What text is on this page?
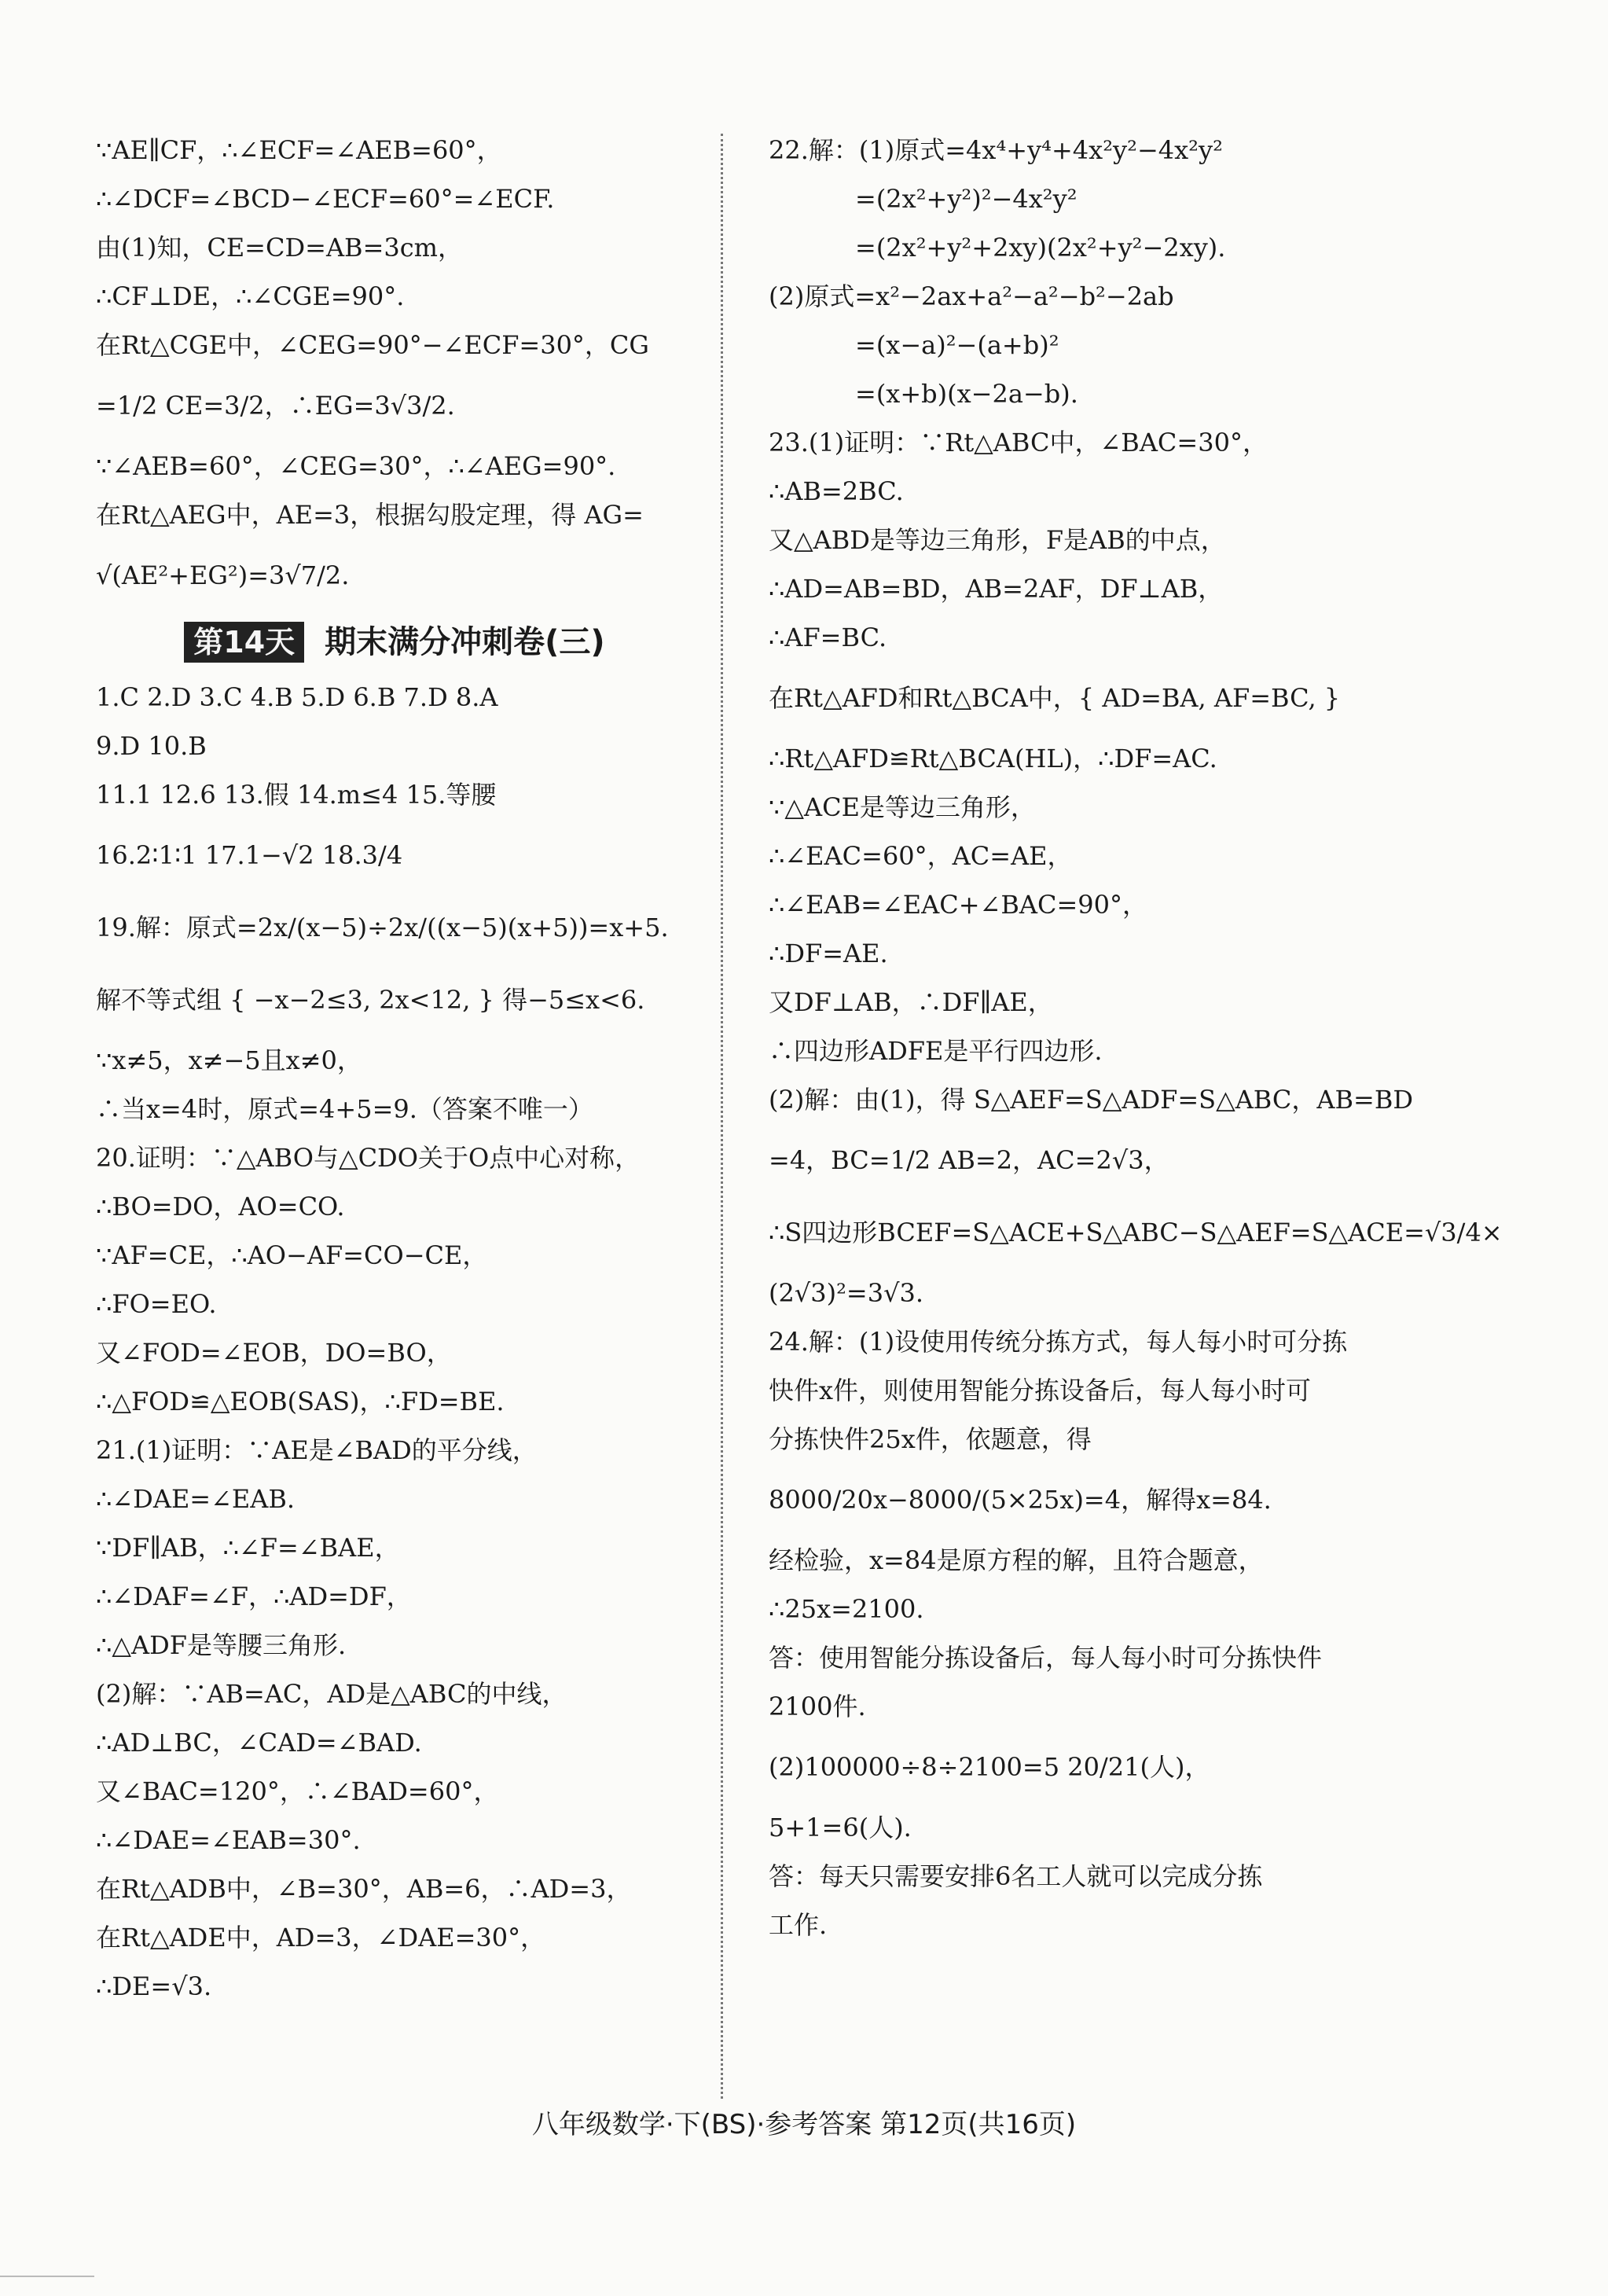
∵AE∥CF，∴∠ECF=∠AEB=60°，
∴∠DCF=∠BCD−∠ECF=60°=∠ECF.
由(1)知，CE=CD=AB=3cm，
∴CF⊥DE，∴∠CGE=90°.
在Rt△CGE中，∠CEG=90°−∠ECF=30°，CG
=1/2 CE=3/2，∴EG=3√3/2.
∵∠AEB=60°，∠CEG=30°，∴∠AEG=90°.
在Rt△AEG中，AE=3，根据勾股定理，得 AG=
√(AE²+EG²)=3√7/2.
第14天 期末满分冲刺卷(三)
1.C 2.D 3.C 4.B 5.D 6.B 7.D 8.A
9.D 10.B
11.1 12.6 13.假 14.m≤4 15.等腰
16.2∶1∶1 17.1−√2 18.3/4
19.解：原式=2x/(x−5)÷2x/((x−5)(x+5))=x+5.
解不等式组 { −x−2≤3, 2x<12, } 得−5≤x<6.
∵x≠5，x≠−5且x≠0，
∴当x=4时，原式=4+5=9.（答案不唯一）
20.证明：∵△ABO与△CDO关于O点中心对称，
∴BO=DO，AO=CO.
∵AF=CE，∴AO−AF=CO−CE，
∴FO=EO.
又∠FOD=∠EOB，DO=BO，
∴△FOD≌△EOB(SAS)，∴FD=BE.
21.(1)证明：∵AE是∠BAD的平分线，
∴∠DAE=∠EAB.
∵DF∥AB，∴∠F=∠BAE，
∴∠DAF=∠F，∴AD=DF，
∴△ADF是等腰三角形.
(2)解：∵AB=AC，AD是△ABC的中线，
∴AD⊥BC，∠CAD=∠BAD.
又∠BAC=120°，∴∠BAD=60°，
∴∠DAE=∠EAB=30°.
在Rt△ADB中，∠B=30°，AB=6，∴AD=3，
在Rt△ADE中，AD=3，∠DAE=30°，
∴DE=√3.
22.解：(1)原式=4x⁴+y⁴+4x²y²−4x²y²
=(2x²+y²)²−4x²y²
=(2x²+y²+2xy)(2x²+y²−2xy).
(2)原式=x²−2ax+a²−a²−b²−2ab
=(x−a)²−(a+b)²
=(x+b)(x−2a−b).
23.(1)证明：∵Rt△ABC中，∠BAC=30°，
∴AB=2BC.
又△ABD是等边三角形，F是AB的中点，
∴AD=AB=BD，AB=2AF，DF⊥AB，
∴AF=BC.
在Rt△AFD和Rt△BCA中，{ AD=BA, AF=BC, }
∴Rt△AFD≌Rt△BCA(HL)，∴DF=AC.
∵△ACE是等边三角形，
∴∠EAC=60°，AC=AE，
∴∠EAB=∠EAC+∠BAC=90°，
∴DF=AE.
又DF⊥AB，∴DF∥AE，
∴四边形ADFE是平行四边形.
(2)解：由(1)，得 S△AEF=S△ADF=S△ABC，AB=BD
=4，BC=1/2 AB=2，AC=2√3，
∴S四边形BCEF=S△ACE+S△ABC−S△AEF=S△ACE=√3/4×
(2√3)²=3√3.
24.解：(1)设使用传统分拣方式，每人每小时可分拣
快件x件，则使用智能分拣设备后，每人每小时可
分拣快件25x件，依题意，得
8000/20x−8000/(5×25x)=4，解得x=84.
经检验，x=84是原方程的解，且符合题意，
∴25x=2100.
答：使用智能分拣设备后，每人每小时可分拣快件
2100件.
(2)100000÷8÷2100=5 20/21(人)，
5+1=6(人).
答：每天只需要安排6名工人就可以完成分拣
工作.
八年级数学·下(BS)·参考答案 第12页(共16页)
